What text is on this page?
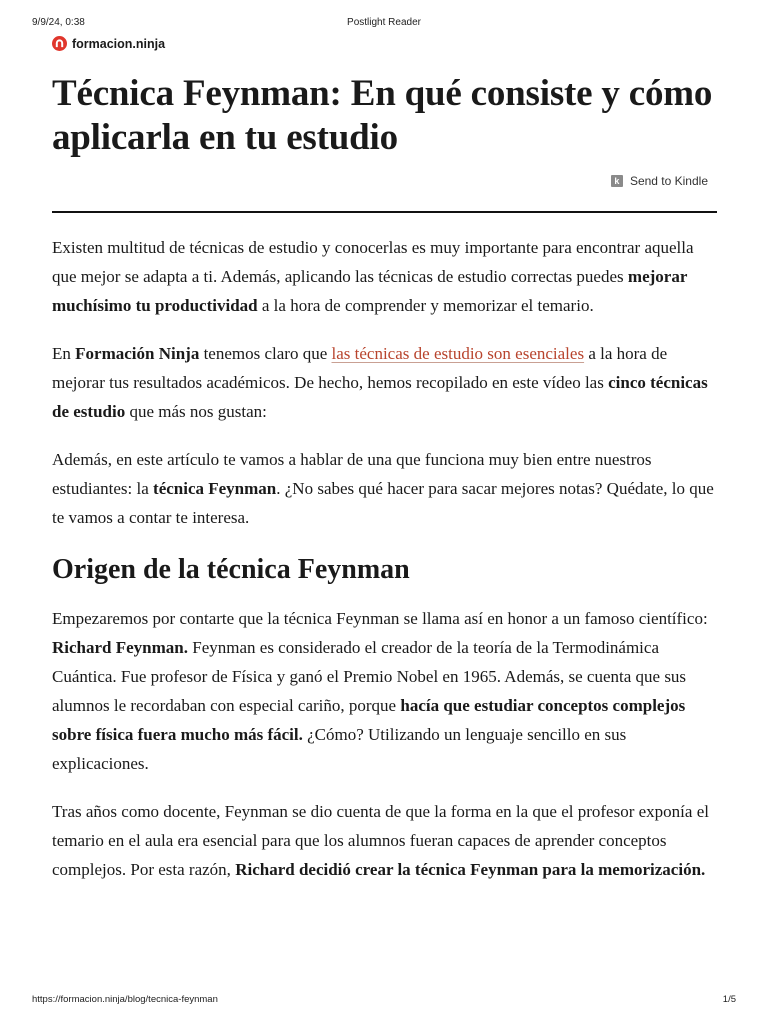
9/9/24, 0:38	Postlight Reader
formacion.ninja
Técnica Feynman: En qué consiste y cómo aplicarla en tu estudio
k Send to Kindle

Existen multitud de técnicas de estudio y conocerlas es muy importante para encontrar aquella que mejor se adapta a ti. Además, aplicando las técnicas de estudio correctas puedes mejorar muchísimo tu productividad a la hora de comprender y memorizar el temario.

En Formación Ninja tenemos claro que las técnicas de estudio son esenciales a la hora de mejorar tus resultados académicos. De hecho, hemos recopilado en este vídeo las cinco técnicas de estudio que más nos gustan:

Además, en este artículo te vamos a hablar de una que funciona muy bien entre nuestros estudiantes: la técnica Feynman. ¿No sabes qué hacer para sacar mejores notas? Quédate, lo que te vamos a contar te interesa.

Origen de la técnica Feynman

Empezaremos por contarte que la técnica Feynman se llama así en honor a un famoso científico: Richard Feynman. Feynman es considerado el creador de la teoría de la Termodinámica Cuántica. Fue profesor de Física y ganó el Premio Nobel en 1965. Además, se cuenta que sus alumnos le recordaban con especial cariño, porque hacía que estudiar conceptos complejos sobre física fuera mucho más fácil. ¿Cómo? Utilizando un lenguaje sencillo en sus explicaciones.

Tras años como docente, Feynman se dio cuenta de que la forma en la que el profesor exponía el temario en el aula era esencial para que los alumnos fueran capaces de aprender conceptos complejos. Por esta razón, Richard decidió crear la técnica Feynman para la memorización.

https://formacion.ninja/blog/tecnica-feynman	1/5
